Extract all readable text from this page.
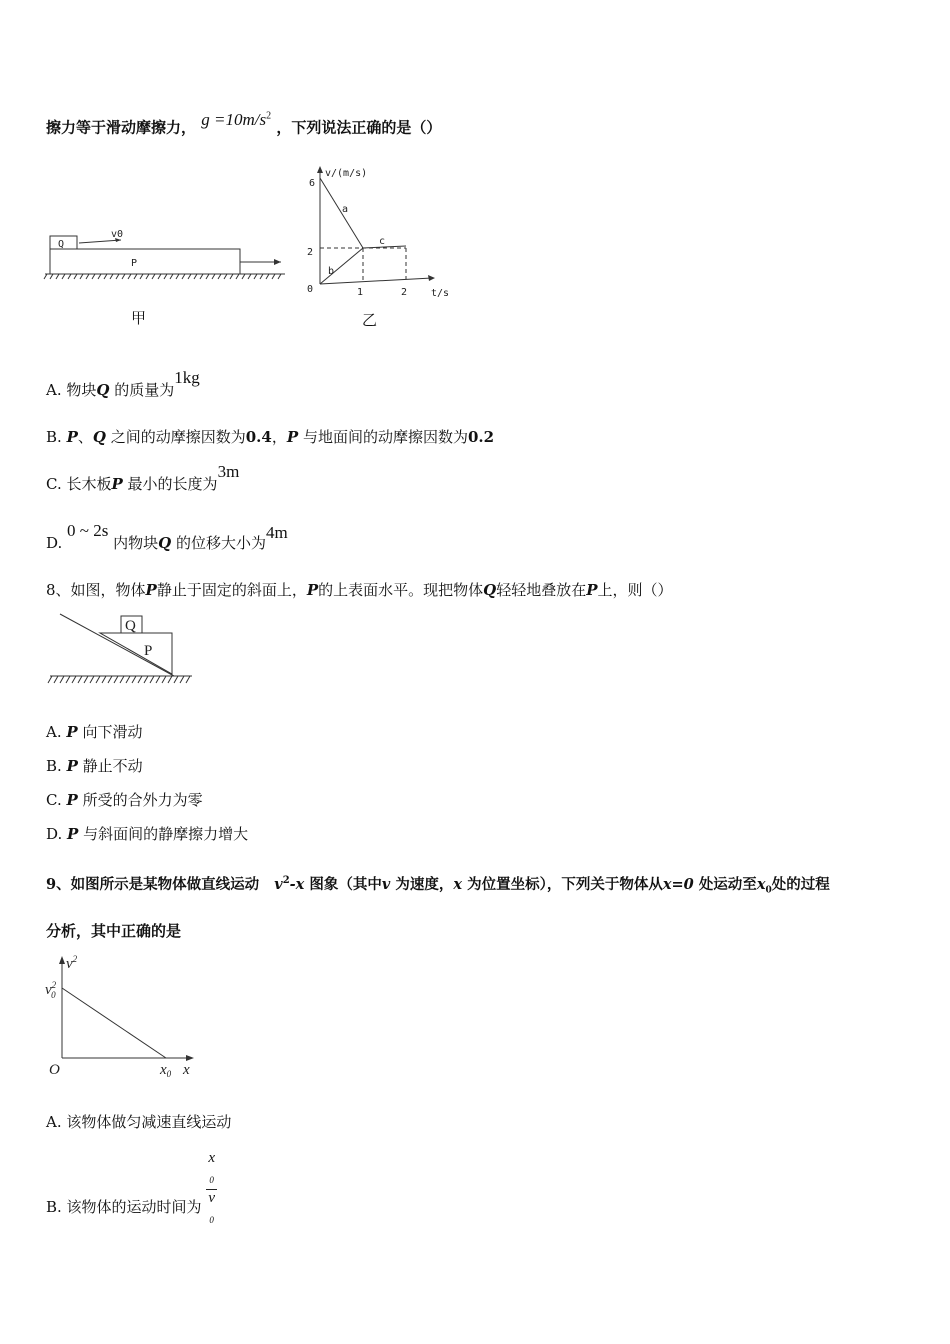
擦力等于滑动摩擦力， $g =10m/s^2$ ，下列说法正确的是（）
Q
P
v0
甲
v/(m/s)
t/s
0
6
2
1	2
a
b
c
乙
A. 物块Q 的质量为1kg
B. P、Q 之间的动摩擦因数为0.4，P 与地面间的动摩擦因数为0.2
C. 长木板P 最小的长度为3m
D. 0 ~ 2s 内物块Q 的位移大小为4m
8、如图，物体P静止于固定的斜面上，P的上表面水平。现把物体Q轻轻地叠放在P上，则（）
Q
P
A. P 向下滑动
B. P 静止不动
C. P 所受的合外力为零
D. P 与斜面间的静摩擦力增大
9、如图所示是某物体做直线运动 $v^2-x$ 图象（其中v 为速度，x 为位置坐标），下列关于物体从x=0 处运动至$x_0$处的过程
分析，其中正确的是
$v^2$
$v^2$ 0
O	$x_0$ x
A. 该物体做匀减速直线运动
B. 该物体的运动时间为 x
$_0$
v
$_0$
